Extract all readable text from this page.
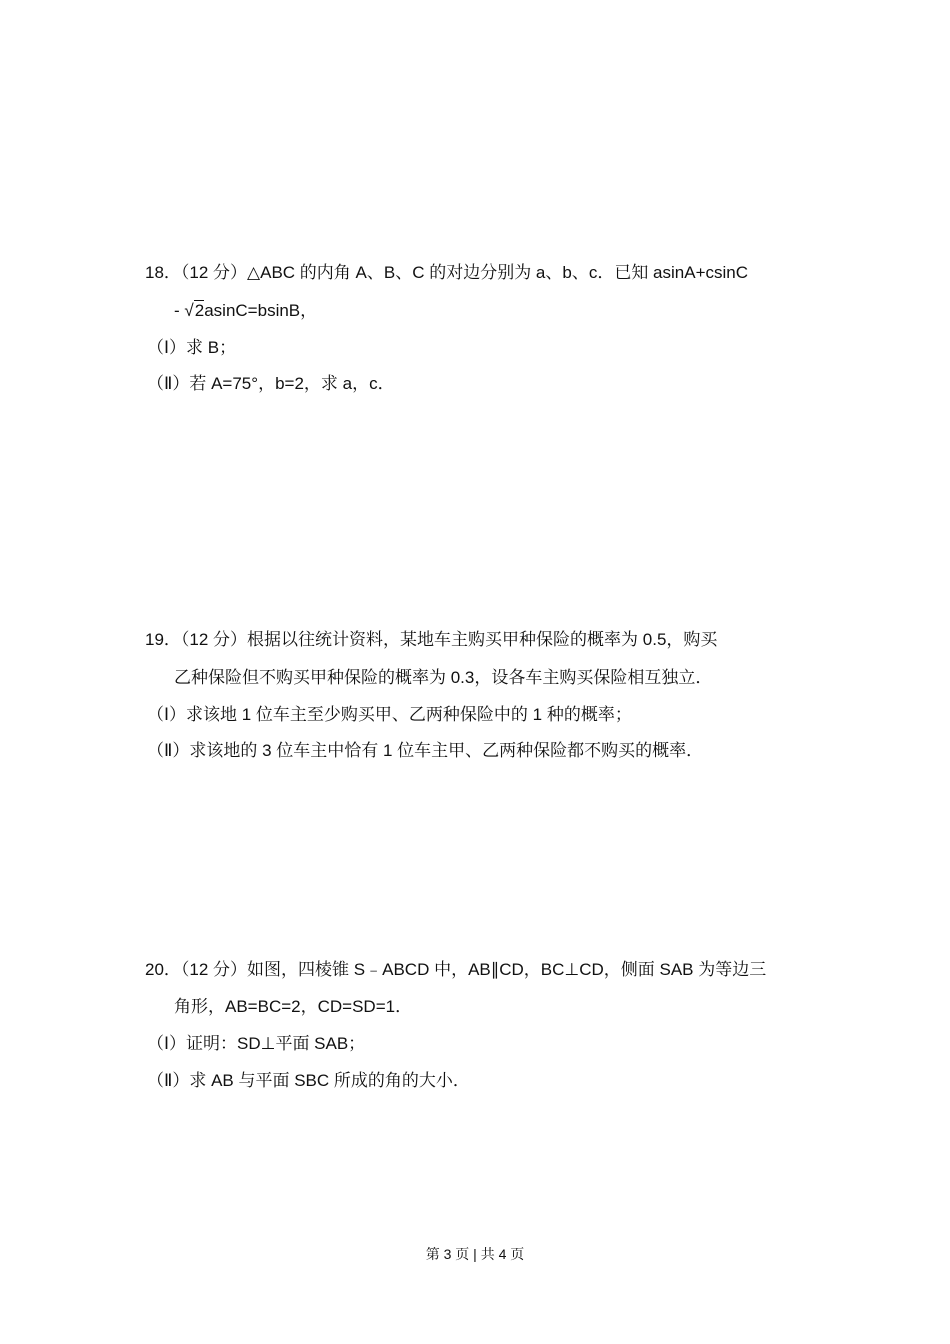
18．（12 分）△ABC 的内角 A、B、C 的对边分别为 a、b、c．已知 asinA+csinC
- √2asinC=bsinB，
（Ⅰ）求 B；
（Ⅱ）若 A=75°，b=2，求 a，c．
19．（12 分）根据以往统计资料，某地车主购买甲种保险的概率为 0.5，购买
乙种保险但不购买甲种保险的概率为 0.3，设各车主购买保险相互独立．
（Ⅰ）求该地 1 位车主至少购买甲、乙两种保险中的 1 种的概率；
（Ⅱ）求该地的 3 位车主中恰有 1 位车主甲、乙两种保险都不购买的概率．
20．（12 分）如图，四棱锥 S﹣ABCD 中，AB∥CD，BC⊥CD，侧面 SAB 为等边三
角形，AB=BC=2，CD=SD=1．
（Ⅰ）证明：SD⊥平面 SAB；
（Ⅱ）求 AB 与平面 SBC 所成的角的大小．
第 3 页 | 共 4 页
